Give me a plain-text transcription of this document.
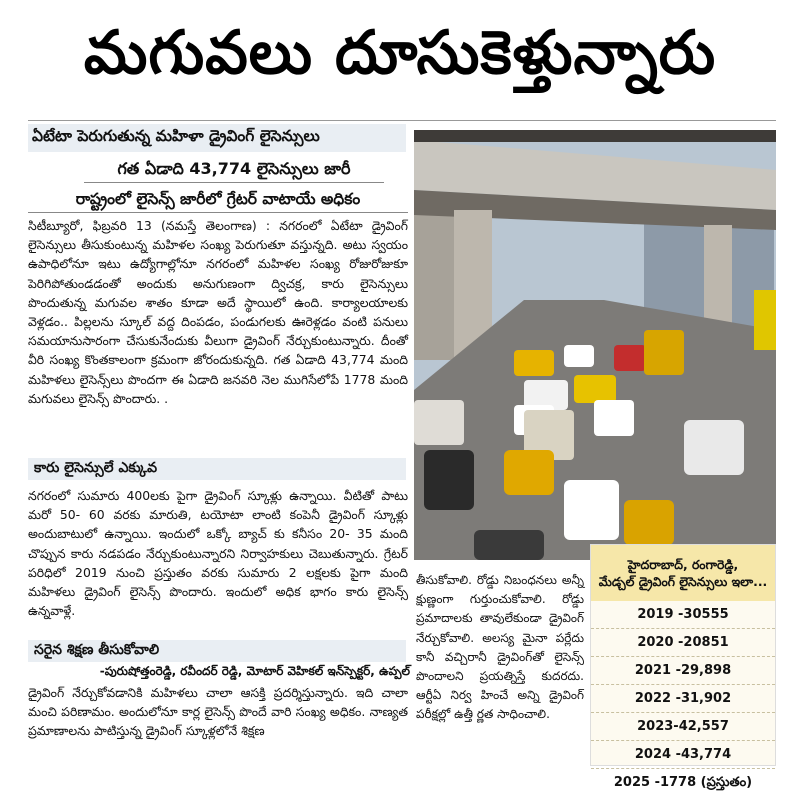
మగువలు దూసుకెళ్తున్నారు
ఏటేటా పెరుగుతున్న మహిళా డ్రైవింగ్ లైసెన్సులు
గత ఏడాది 43,774 లైసెన్సులు జారీ
రాష్ట్రంలో లైసెన్స్ జారీలో గ్రేటర్ వాటాయే అధికం
సిటీబ్యూరో, ఫిబ్రవరి 13 (నమస్తే తెలంగాణ) : నగరంలో ఏటేటా డ్రైవింగ్ లైసెన్సులు తీసుకుంటున్న మహిళల సంఖ్య పెరుగుతూ వస్తున్నది. అటు స్వయం ఉపాధిలోనూ ఇటు ఉద్యోగాల్లోనూ నగరంలో మహిళల సంఖ్య రోజురోజుకూ పెరిగిపోతుండడంతో అందుకు అనుగుణంగా ద్విచక్ర, కారు లైసెన్సులు పొందుతున్న మగువల శాతం కూడా అదే స్థాయిలో ఉంది. కార్యాలయాలకు వెళ్లడం.. పిల్లలను స్కూల్ వద్ద దింపడం, పండుగలకు ఊరెళ్లడం వంటి పనులు సమయానుసారంగా చేసుకునేందుకు వీలుగా డ్రైవింగ్ నేర్చుకుంటున్నారు. దీంతో వీరి సంఖ్య కొంతకాలంగా క్రమంగా జోరందుకున్నది. గత ఏడాది 43,774 మంది మహిళలు లైసెన్స్‌లు పొందగా ఈ ఏడాది జనవరి నెల ముగిసేలోపే 1778 మంది మగువలు లైసెన్స్ పొందారు. .
కారు లైసెన్సులే ఎక్కువ
నగరంలో సుమారు 400లకు పైగా డ్రైవింగ్ స్కూళ్లు ఉన్నాయి. వీటితో పాటు మరో 50- 60 వరకు మారుతి, టయోటా లాంటి కంపెనీ డ్రైవింగ్ స్కూళ్లు అందుబాటులో ఉన్నాయి. ఇందులో ఒక్కో బ్యాచ్ కు కనీసం 20- 35 మంది చొప్పున కారు నడపడం నేర్చుకుంటున్నారని నిర్వాహకులు చెబుతున్నారు. గ్రేటర్ పరిధిలో 2019 నుంచి ప్రస్తుతం వరకు సుమారు 2 లక్షలకు పైగా మంది మహిళలు డ్రైవింగ్ లైసెన్స్ పొందారు. ఇందులో అధిక భాగం కారు లైసెన్స్ ఉన్నవాళ్లే.
సరైన శిక్షణ తీసుకోవాలి
-పురుషోత్తంరెడ్డి, రవీందర్ రెడ్డి, మోటార్ వెహికల్ ఇన్‌స్పెక్టర్, ఉప్పల్
డ్రైవింగ్ నేర్చుకోవడానికి మహిళలు చాలా ఆసక్తి ప్రదర్శిస్తున్నారు. ఇది చాలా మంచి పరిణామం. అందులోనూ కార్ల లైసెన్స్ పొందే వారి సంఖ్య అధికం. నాణ్యత ప్రమాణాలను పాటిస్తున్న డ్రైవింగ్ స్కూళ్లలోనే శిక్షణ
తీసుకోవాలి. రోడ్డు నిబంధనలు అన్నీ క్షుణ్ణంగా గుర్తుంచుకోవాలి. రోడ్డు ప్రమాదాలకు తావులేకుండా డ్రైవింగ్ నేర్చుకోవాలి. అలస్య మైనా పర్లేదు కానీ వచ్చిరానీ డ్రైవింగ్‌తో లైసెన్స్ పొందాలని ప్రయత్నిస్తే కుదరదు. ఆర్టీఏ నిర్వ హించే అన్ని డ్రైవింగ్ పరీక్షల్లో ఉత్తీ ర్ణత సాధించాలి.
హైదరాబాద్, రంగారెడ్డి,
మేడ్చల్ డ్రైవింగ్ లైసెన్సులు ఇలా...
2019 -30555
2020 -20851
2021 -29,898
2022 -31,902
2023-42,557
2024 -43,774
2025 -1778 (ప్రస్తుతం)
